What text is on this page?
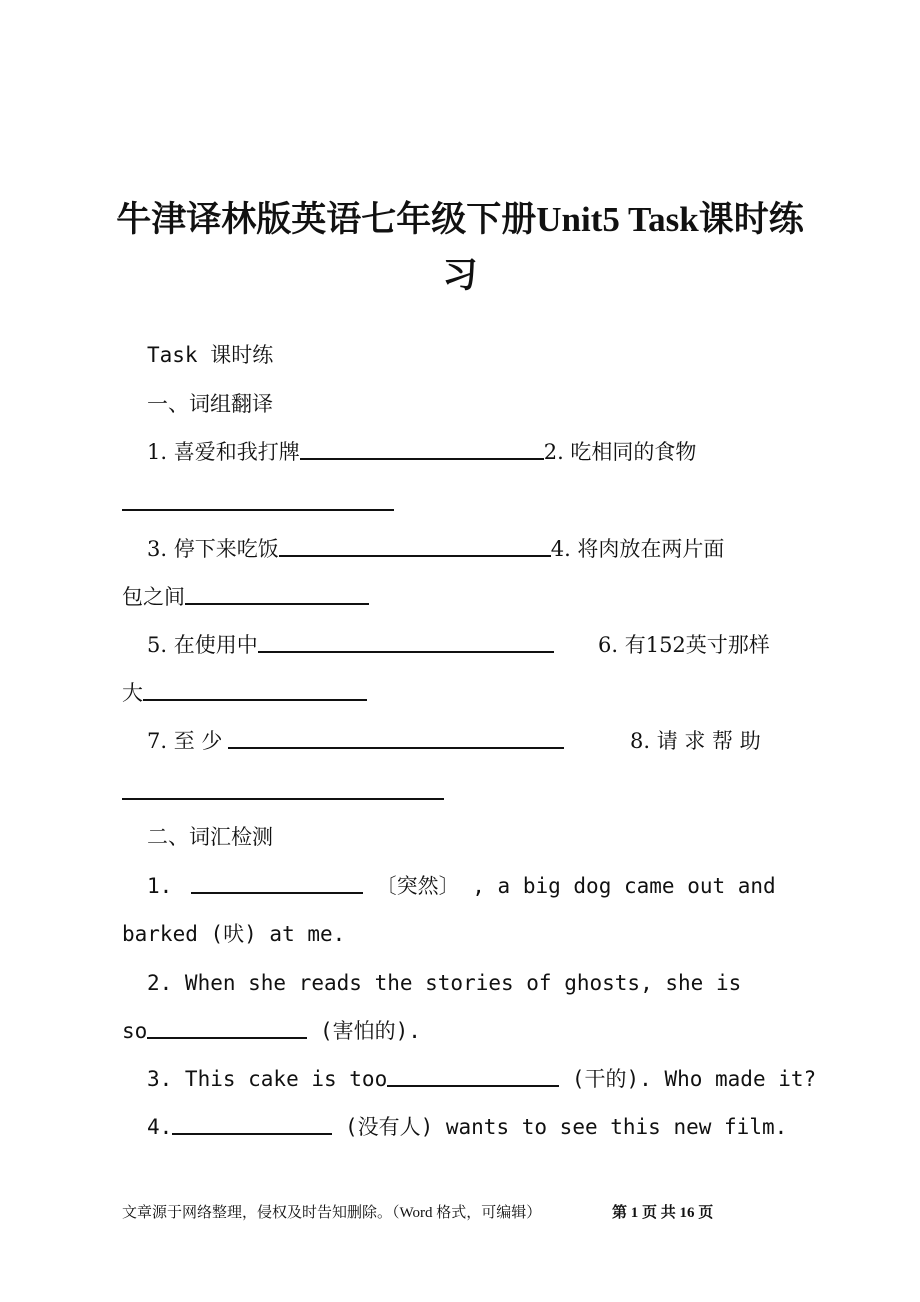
牛津译林版英语七年级下册Unit5 Task课时练
习
Task 课时练
一、词组翻译
1. 喜爱和我打牌	2. 吃相同的食物
3. 停下来吃饭	4. 将肉放在两片面
包之间
5. 在使用中	6. 有152英寸那样
大
7. 至 少	8. 请 求 帮 助
二、词汇检测
1.	〔突然〕 , a big dog came out and
barked (吠) at me.
2. When she reads the stories of ghosts, she is
so	(害怕的).
3. This cake is too	(干的). Who made it?
4.	(没有人) wants to see this new film.
文章源于网络整理，侵权及时告知删除。（Word 格式，可编辑）	第 1 页 共 16 页
